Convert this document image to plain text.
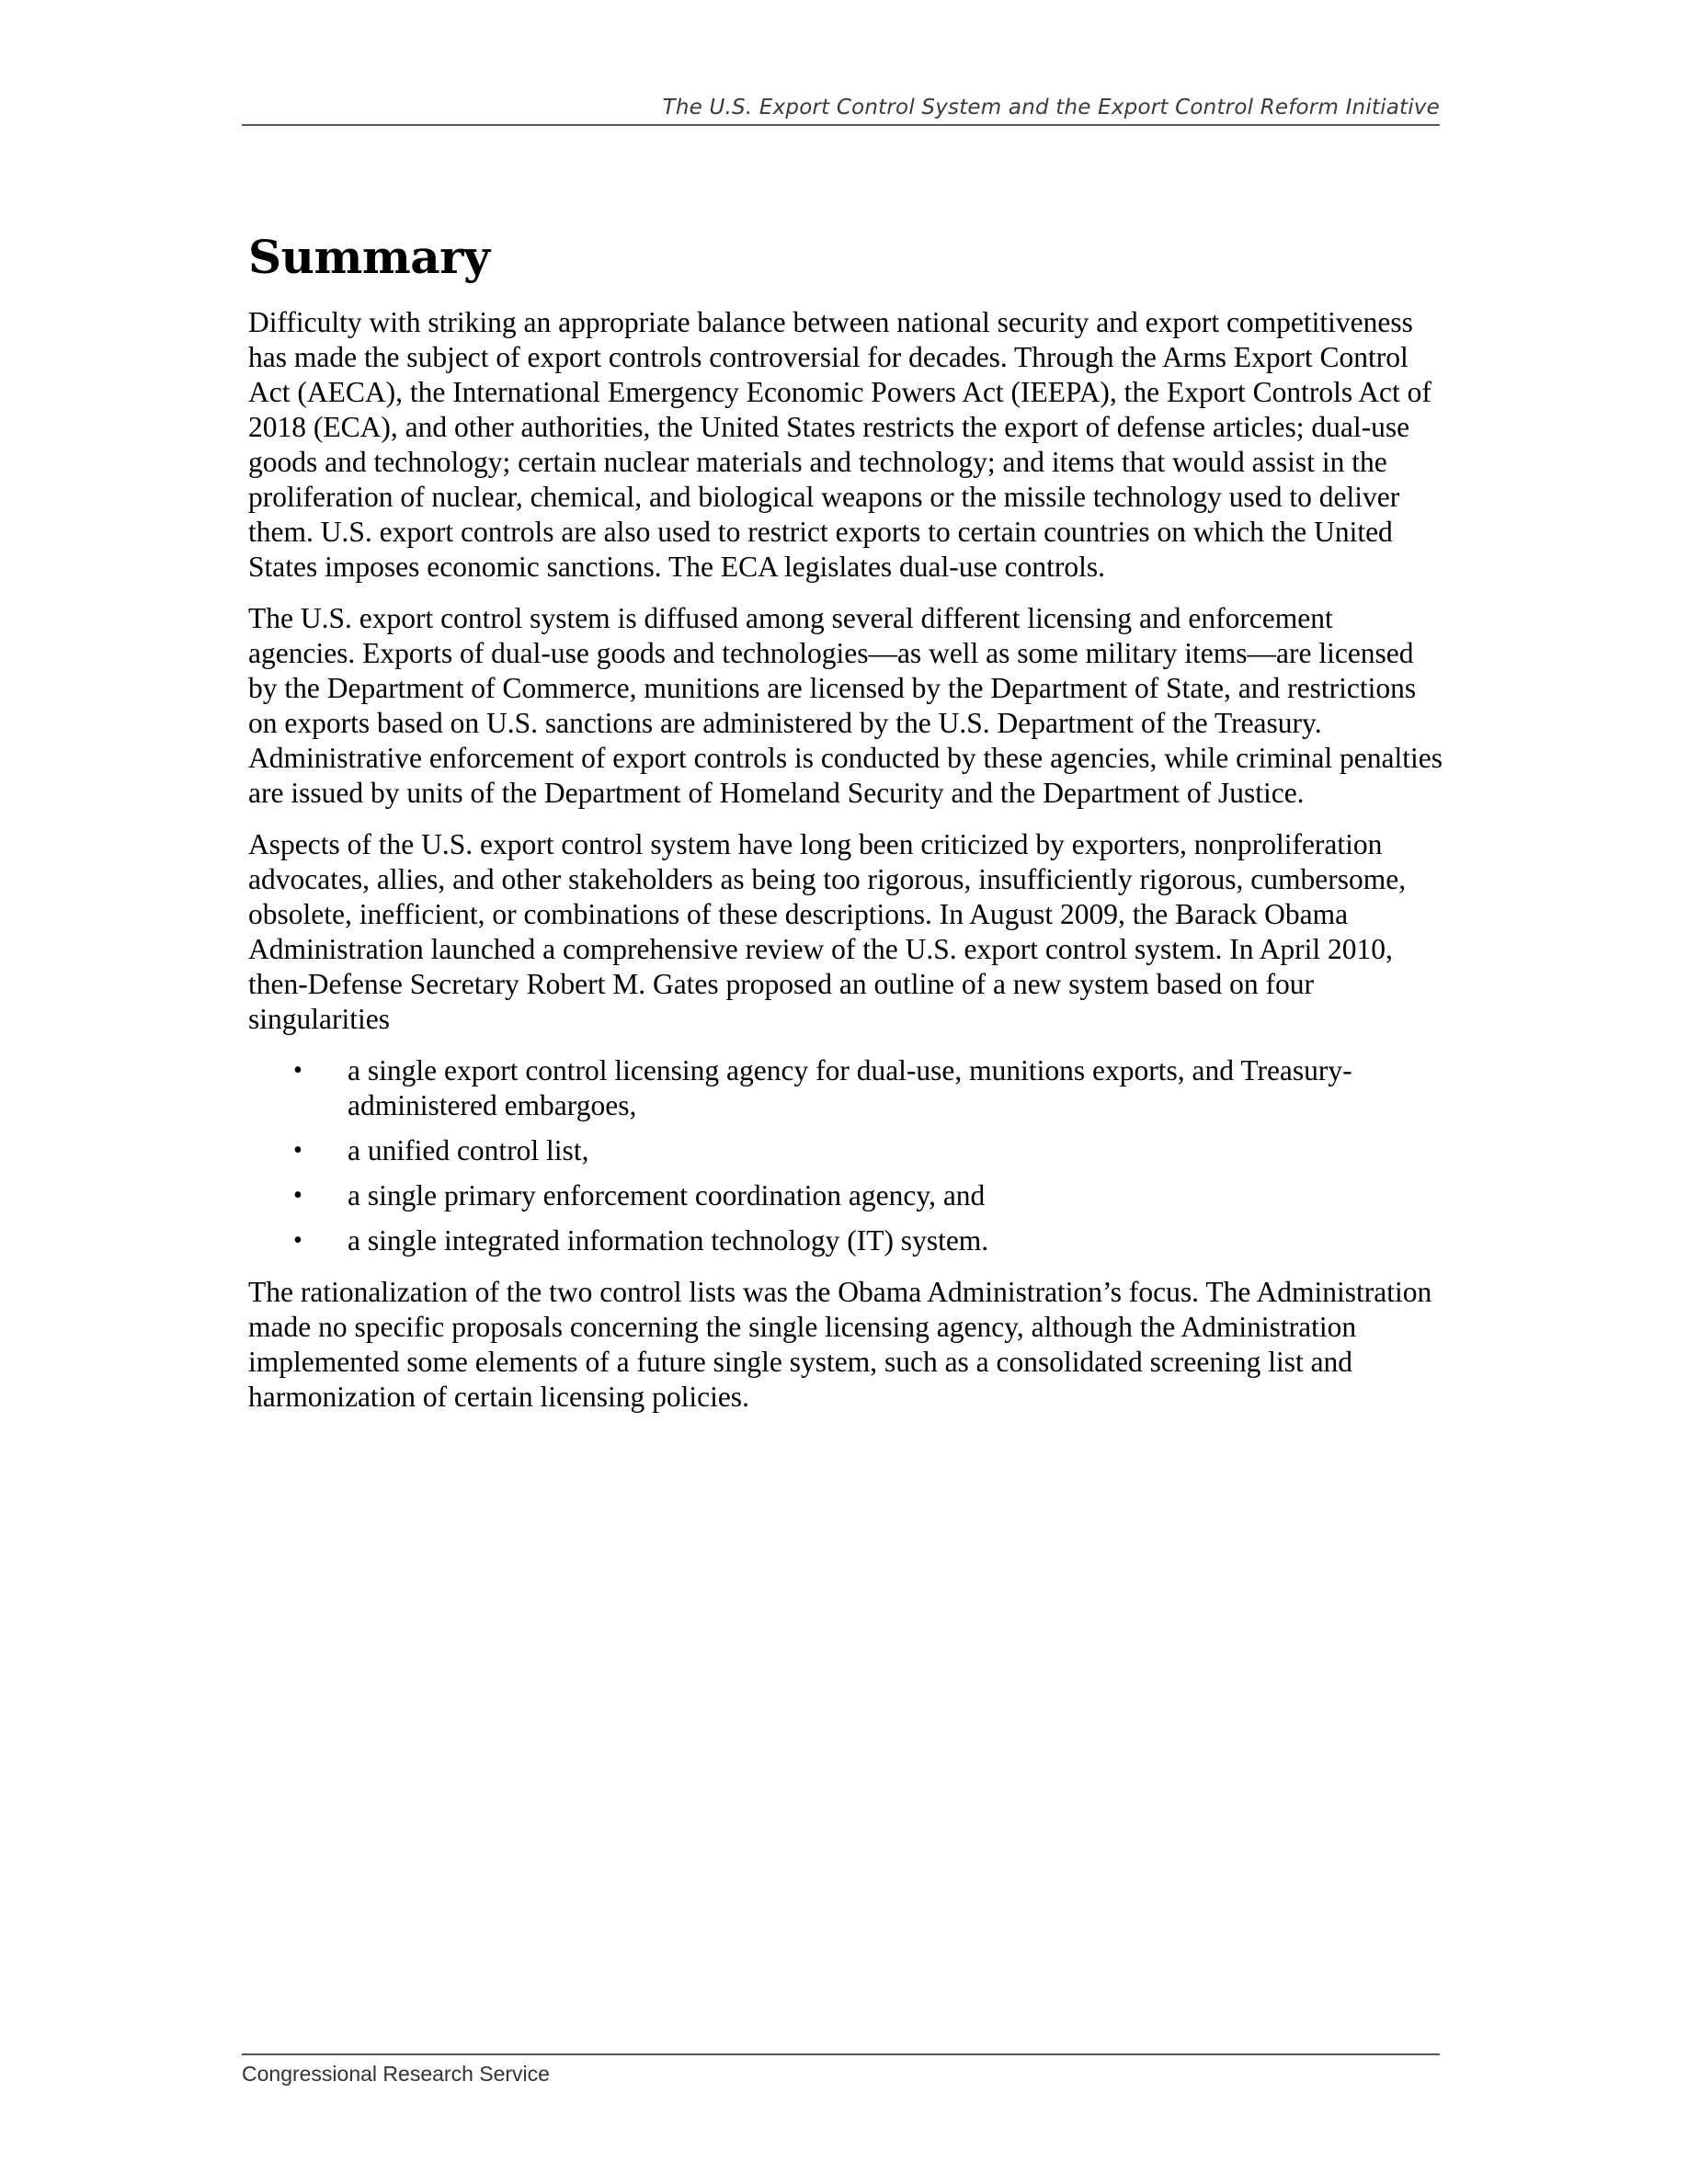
The U.S. Export Control System and the Export Control Reform Initiative
Summary

Difficulty with striking an appropriate balance between national security and export competitiveness has made the subject of export controls controversial for decades. Through the Arms Export Control Act (AECA), the International Emergency Economic Powers Act (IEEPA), the Export Controls Act of 2018 (ECA), and other authorities, the United States restricts the export of defense articles; dual-use goods and technology; certain nuclear materials and technology; and items that would assist in the proliferation of nuclear, chemical, and biological weapons or the missile technology used to deliver them. U.S. export controls are also used to restrict exports to certain countries on which the United States imposes economic sanctions. The ECA legislates dual-use controls.

The U.S. export control system is diffused among several different licensing and enforcement agencies. Exports of dual-use goods and technologies—as well as some military items—are licensed by the Department of Commerce, munitions are licensed by the Department of State, and restrictions on exports based on U.S. sanctions are administered by the U.S. Department of the Treasury. Administrative enforcement of export controls is conducted by these agencies, while criminal penalties are issued by units of the Department of Homeland Security and the Department of Justice.

Aspects of the U.S. export control system have long been criticized by exporters, nonproliferation advocates, allies, and other stakeholders as being too rigorous, insufficiently rigorous, cumbersome, obsolete, inefficient, or combinations of these descriptions. In August 2009, the Barack Obama Administration launched a comprehensive review of the U.S. export control system. In April 2010, then-Defense Secretary Robert M. Gates proposed an outline of a new system based on four singularities

• a single export control licensing agency for dual-use, munitions exports, and Treasury-administered embargoes,
• a unified control list,
• a single primary enforcement coordination agency, and
• a single integrated information technology (IT) system.

The rationalization of the two control lists was the Obama Administration’s focus. The Administration made no specific proposals concerning the single licensing agency, although the Administration implemented some elements of a future single system, such as a consolidated screening list and harmonization of certain licensing policies.

Congressional Research Service
